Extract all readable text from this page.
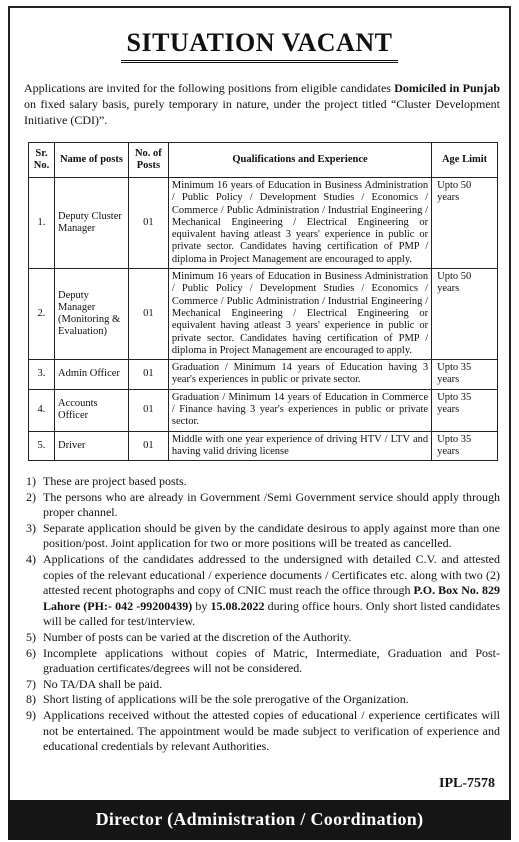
SITUATION VACANT

Applications are invited for the following positions from eligible candidates Domiciled in Punjab on fixed salary basis, purely temporary in nature, under the project titled “Cluster Development Initiative (CDI)”.

Sr. No.	Name of posts	No. of Posts	Qualifications and Experience	Age Limit
1.	Deputy Cluster Manager	01	Minimum 16 years of Education in Business Administration / Public Policy / Development Studies / Economics / Commerce / Public Administration / Industrial Engineering / Mechanical Engineering / Electrical Engineering or equivalent having atleast 3 years' experience in public or private sector. Candidates having certification of PMP / diploma in Project Management are encouraged to apply.	Upto 50 years
2.	Deputy Manager (Monitoring & Evaluation)	01	Minimum 16 years of Education in Business Administration / Public Policy / Development Studies / Economics / Commerce / Public Administration / Industrial Engineering / Mechanical Engineering / Electrical Engineering or equivalent having atleast 3 years' experience in public or private sector. Candidates having certification of PMP / diploma in Project Management are encouraged to apply.	Upto 50 years
3.	Admin Officer	01	Graduation / Minimum 14 years of Education having 3 year's experiences in public or private sector.	Upto 35 years
4.	Accounts Officer	01	Graduation / Minimum 14 years of Education in Commerce / Finance having 3 year's experiences in public or private sector.	Upto 35 years
5.	Driver	01	Middle with one year experience of driving HTV / LTV and having valid driving license	Upto 35 years
1) These are project based posts.
2) The persons who are already in Government /Semi Government service should apply through proper channel.
3) Separate application should be given by the candidate desirous to apply against more than one position/post. Joint application for two or more positions will be treated as cancelled.
4) Applications of the candidates addressed to the undersigned with detailed C.V. and attested copies of the relevant educational / experience documents / Certificates etc. along with two (2) attested recent photographs and copy of CNIC must reach the office through P.O. Box No. 829 Lahore (PH:- 042 -99200439) by 15.08.2022 during office hours. Only short listed candidates will be called for test/interview.
5) Number of posts can be varied at the discretion of the Authority.
6) Incomplete applications without copies of Matric, Intermediate, Graduation and Post-graduation certificates/degrees will not be considered.
7) No TA/DA shall be paid.
8) Short listing of applications will be the sole prerogative of the Organization.
9) Applications received without the attested copies of educational / experience certificates will not be entertained. The appointment would be made subject to verification of experience and educational credentials by relevant Authorities.
IPL-7578
Director (Administration / Coordination)
